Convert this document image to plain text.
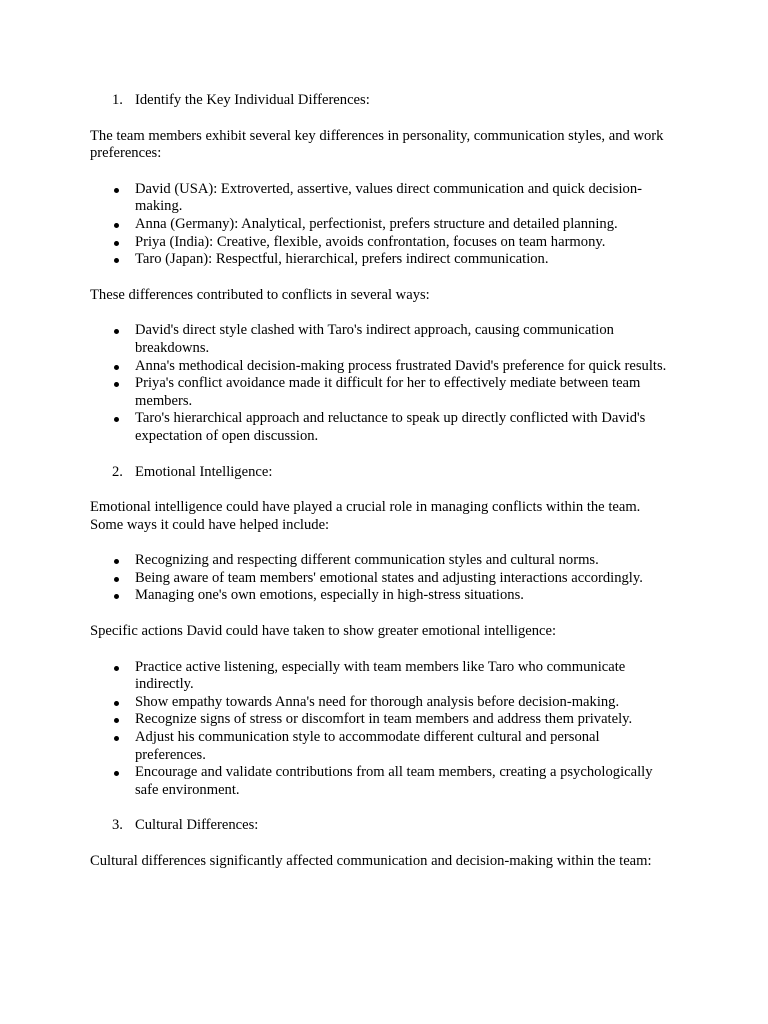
1. Identify the Key Individual Differences:

The team members exhibit several key differences in personality, communication styles, and work preferences:

David (USA): Extroverted, assertive, values direct communication and quick decision-making.
Anna (Germany): Analytical, perfectionist, prefers structure and detailed planning.
Priya (India): Creative, flexible, avoids confrontation, focuses on team harmony.
Taro (Japan): Respectful, hierarchical, prefers indirect communication.

These differences contributed to conflicts in several ways:

David's direct style clashed with Taro's indirect approach, causing communication breakdowns.
Anna's methodical decision-making process frustrated David's preference for quick results.
Priya's conflict avoidance made it difficult for her to effectively mediate between team members.
Taro's hierarchical approach and reluctance to speak up directly conflicted with David's expectation of open discussion.
2. Emotional Intelligence:

Emotional intelligence could have played a crucial role in managing conflicts within the team. Some ways it could have helped include:

Recognizing and respecting different communication styles and cultural norms.
Being aware of team members' emotional states and adjusting interactions accordingly.
Managing one's own emotions, especially in high-stress situations.

Specific actions David could have taken to show greater emotional intelligence:

Practice active listening, especially with team members like Taro who communicate indirectly.
Show empathy towards Anna's need for thorough analysis before decision-making.
Recognize signs of stress or discomfort in team members and address them privately.
Adjust his communication style to accommodate different cultural and personal preferences.
Encourage and validate contributions from all team members, creating a psychologically safe environment.
3. Cultural Differences:

Cultural differences significantly affected communication and decision-making within the team:
